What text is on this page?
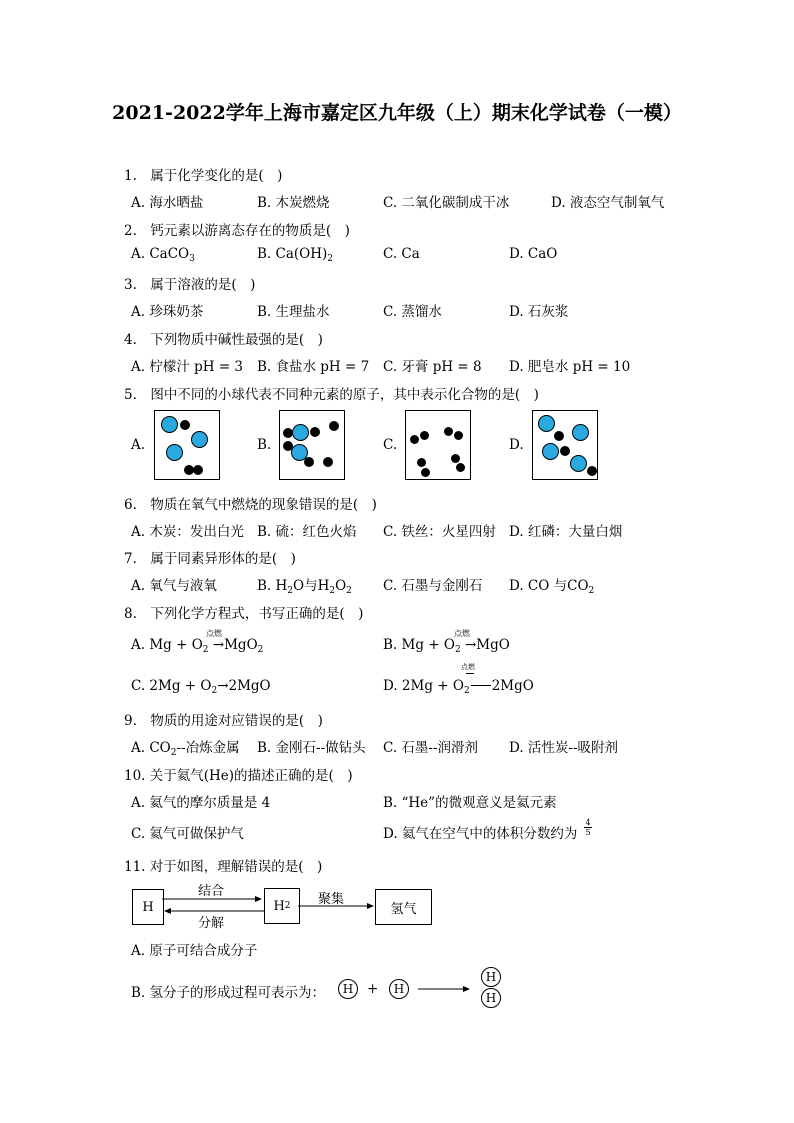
2021-2022学年上海市嘉定区九年级（上）期末化学试卷（一模）
1.　属于化学变化的是(　)
A. 海水晒盐	B. 木炭燃烧	C. 二氧化碳制成干冰	D. 液态空气制氧气
2.　钙元素以游离态存在的物质是(　)
A. CaCO$_3$	B. $Ca(OH)_2$	C. Ca	D. CaO
3.　属于溶液的是(　)
A. 珍珠奶茶	B. 生理盐水	C. 蒸馏水	D. 石灰浆
4.　下列物质中碱性最强的是(　)
A. 柠檬汁 pH = 3 B. 食盐水 pH = 7 C. 牙膏 pH = 8 D. 肥皂水 pH = 10
5.　图中不同的小球代表不同种元素的原子，其中表示化合物的是(　)
A.	B.	C.	D.
6.　物质在氧气中燃烧的现象错误的是(　)
A. 木炭：发出白光 B. 硫：红色火焰 C. 铁丝：火星四射 D. 红磷：大量白烟
7.　属于同素异形体的是(　)
A. 氧气与液氧	B. $H_2O$与$H_2O_2$ C. 石墨与金刚石 D. CO 与$CO_2$
8.　下列化学方程式，书写正确的是(　)
点燃
A. $Mg + O_2 \to MgO_2$
点燃
B. $Mg + O_2 \to MgO$
C. $2Mg + O_2\to 2MgO$
点燃
D. $2Mg + O_2$ 2MgO
9.　物质的用途对应错误的是(　)
A. $CO_2--$冶炼金属 B. 金刚石--做钻头 C. 石墨--润滑剂 D. 活性炭--吸附剂
10. 关于氦气(He)的描述正确的是(　)
A. 氦气的摩尔质量是 4	B. “He”的微观意义是氦元素
C. 氦气可做保护气	D. 氦气在空气中的体积分数约为 $\frac{4}{5}$
11. 对于如图，理解错误的是(　)
H	H 2	氢气
结合
分解
聚集
A. 原子可结合成分子
B. 氢分子的形成过程可表示为：	H	+	H
H
H
